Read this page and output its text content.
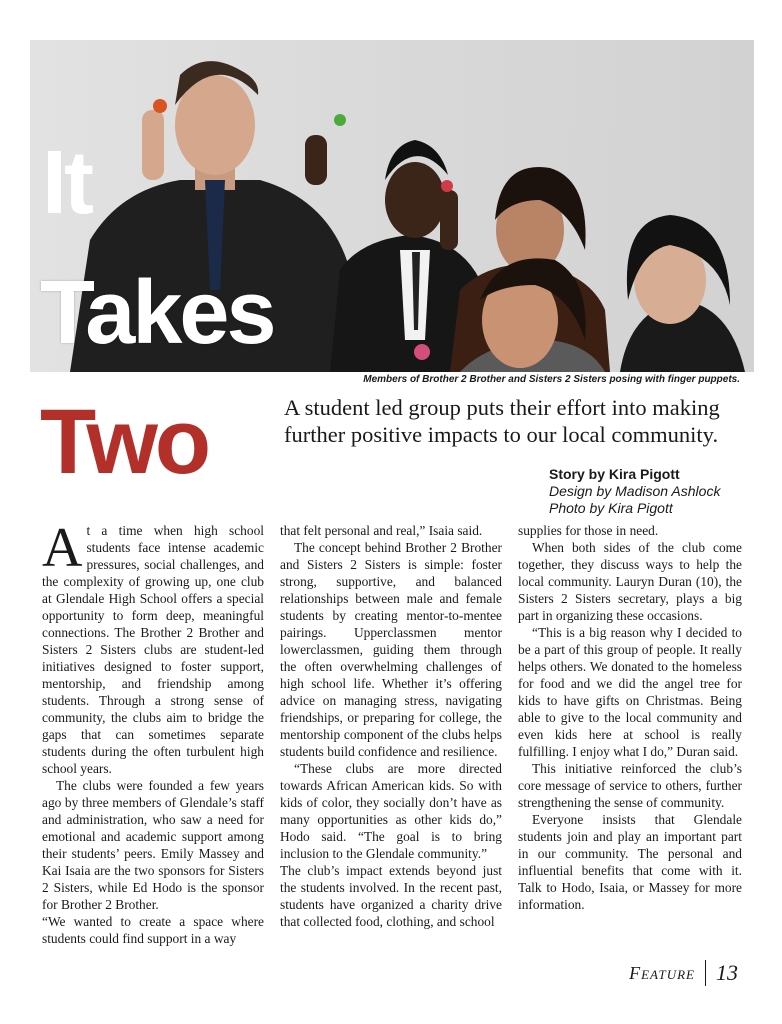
It
Takes
Two
Members of Brother 2 Brother and Sisters 2 Sisters posing with finger puppets.

A student led group puts their effort into making further positive impacts to our local community.

Story by Kira Pigott
Design by Madison Ashlock
Photo by Kira Pigott

At a time when high school students face intense academic pressures, social challenges, and the complexity of growing up, one club at Glendale High School offers a special opportunity to form deep, meaningful connections. The Brother 2 Brother and Sisters 2 Sisters clubs are student-led initiatives designed to foster support, mentorship, and friendship among students. Through a strong sense of community, the clubs aim to bridge the gaps that can sometimes separate students during the often turbulent high school years.

The clubs were founded a few years ago by three members of Glendale’s staff and administration, who saw a need for emotional and academic support among their students’ peers. Emily Massey and Kai Isaia are the two sponsors for Sisters 2 Sisters, while Ed Hodo is the sponsor for Brother 2 Brother.

“We wanted to create a space where students could find support in a way

that felt personal and real,” Isaia said.

The concept behind Brother 2 Brother and Sisters 2 Sisters is simple: foster strong, supportive, and balanced relationships between male and female students by creating mentor-to-mentee pairings. Upperclassmen mentor lowerclassmen, guiding them through the often overwhelming challenges of high school life. Whether it’s offering advice on managing stress, navigating friendships, or preparing for college, the mentorship component of the clubs helps students build confidence and resilience.

“These clubs are more directed towards African American kids. So with kids of color, they socially don’t have as many opportunities as other kids do,” Hodo said. “The goal is to bring inclusion to the Glendale community.”

The club’s impact extends beyond just the students involved. In the recent past, students have organized a charity drive that collected food, clothing, and school

supplies for those in need.

When both sides of the club come together, they discuss ways to help the local community. Lauryn Duran (10), the Sisters 2 Sisters secretary, plays a big part in organizing these occasions.

“This is a big reason why I decided to be a part of this group of people. It really helps others. We donated to the homeless for food and we did the angel tree for kids to have gifts on Christmas. Being able to give to the local community and even kids here at school is really fulfilling. I enjoy what I do,” Duran said.

This initiative reinforced the club’s core message of service to others, further strengthening the sense of community.

Everyone insists that Glendale students join and play an important part in our community. The personal and influential benefits that come with it. Talk to Hodo, Isaia, or Massey for more information.

Feature 13
